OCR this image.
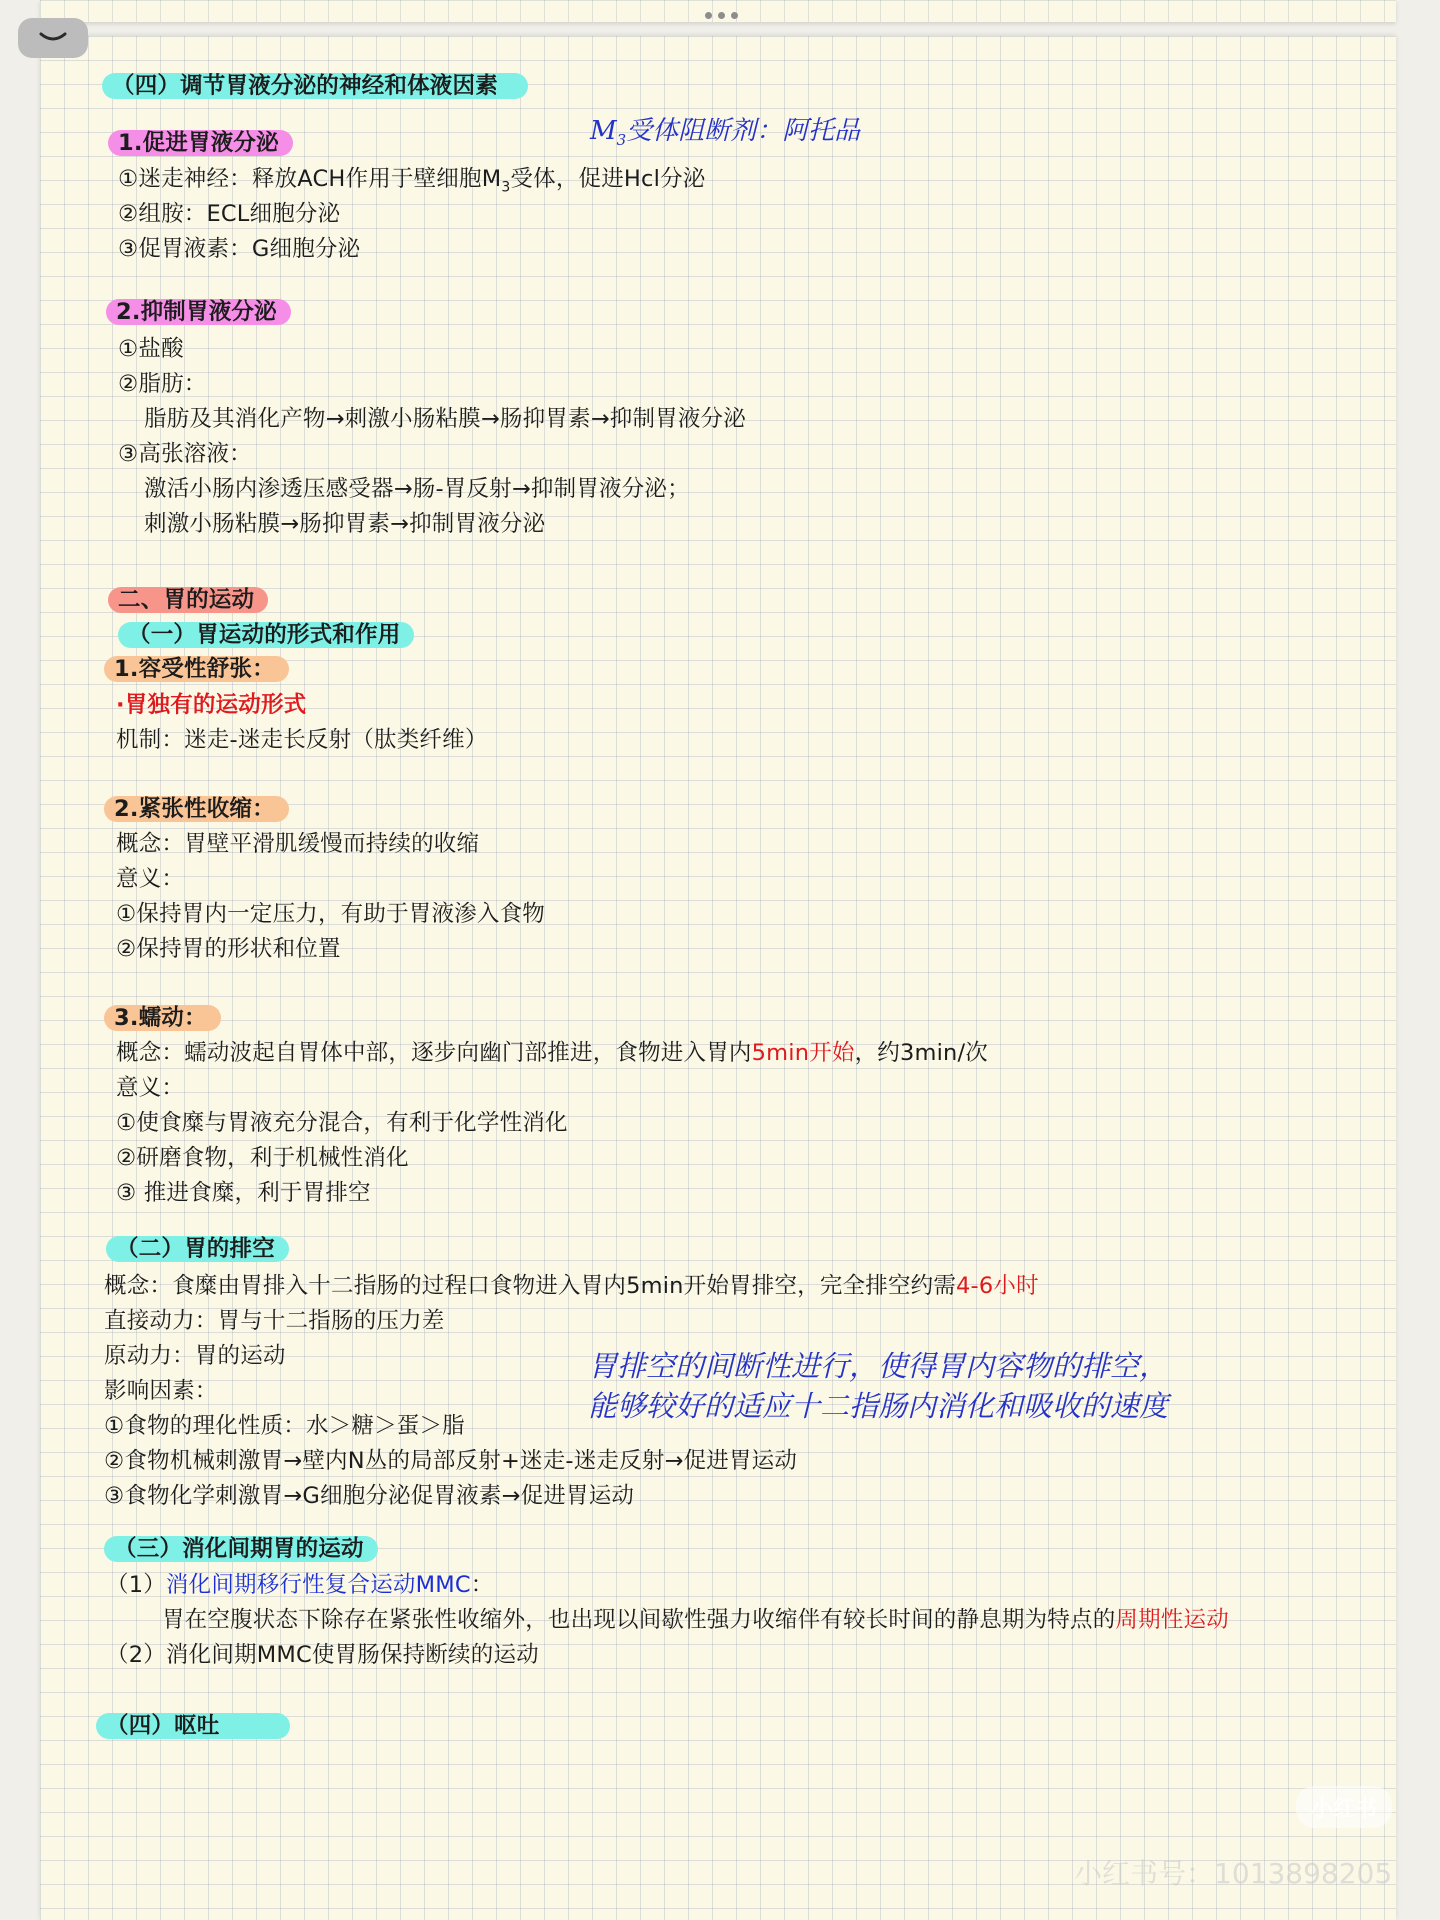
（四）调节胃液分泌的神经和体液因素
$M_3$受体阻断剂：阿托品
1.促进胃液分泌
①迷走神经：释放ACH作用于壁细胞$M_3$受体，促进Hcl分泌
②组胺：ECL细胞分泌
③促胃液素：G细胞分泌
2.抑制胃液分泌
①盐酸
②脂肪：
脂肪及其消化产物→刺激小肠粘膜→肠抑胃素→抑制胃液分泌
③高张溶液：
激活小肠内渗透压感受器→肠-胃反射→抑制胃液分泌；
刺激小肠粘膜→肠抑胃素→抑制胃液分泌
二、胃的运动
（一）胃运动的形式和作用
1.容受性舒张：
·胃独有的运动形式
机制：迷走-迷走长反射（肽类纤维）
2.紧张性收缩：
概念：胃壁平滑肌缓慢而持续的收缩
意义：
①保持胃内一定压力，有助于胃液渗入食物
②保持胃的形状和位置
3.蠕动：
概念：蠕动波起自胃体中部，逐步向幽门部推进，食物进入胃内5min开始，约3min/次
意义：
①使食糜与胃液充分混合，有利于化学性消化
②研磨食物，利于机械性消化
③ 推进食糜，利于胃排空
（二）胃的排空
概念：食糜由胃排入十二指肠的过程口食物进入胃内5min开始胃排空，完全排空约需4-6小时
直接动力：胃与十二指肠的压力差
原动力：胃的运动
影响因素：
①食物的理化性质：水＞糖＞蛋＞脂
②食物机械刺激胃→壁内N丛的局部反射+迷走-迷走反射→促进胃运动
③食物化学刺激胃→G细胞分泌促胃液素→促进胃运动
胃排空的间断性进行，使得胃内容物的排空，
能够较好的适应十二指肠内消化和吸收的速度
（三）消化间期胃的运动
（1）消化间期移行性复合运动MMC：
胃在空腹状态下除存在紧张性收缩外，也出现以间歇性强力收缩伴有较长时间的静息期为特点的周期性运动
（2）消化间期MMC使胃肠保持断续的运动
（四）呕吐
小红书
小红书号：1013898205
